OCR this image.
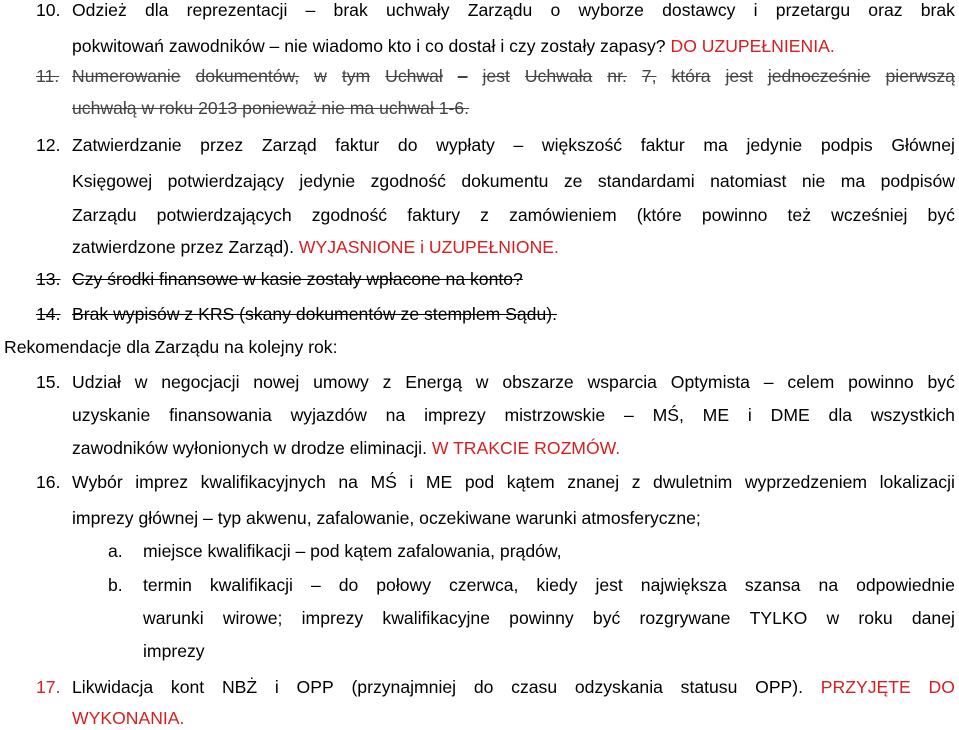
10. Odzież dla reprezentacji – brak uchwały Zarządu o wyborze dostawcy i przetargu oraz brak
pokwitowań zawodników – nie wiadomo kto i co dostał i czy zostały zapasy? DO UZUPEŁNIENIA.
11. Numerowanie dokumentów, w tym Uchwał – jest Uchwała nr. 7, która jest jednocześnie pierwszą
uchwałą w roku 2013 ponieważ nie ma uchwał 1-6.
12. Zatwierdzanie przez Zarząd faktur do wypłaty – większość faktur ma jedynie podpis Głównej
Księgowej potwierdzający jedynie zgodność dokumentu ze standardami natomiast nie ma podpisów
Zarządu potwierdzających zgodność faktury z zamówieniem (które powinno też wcześniej być
zatwierdzone przez Zarząd). WYJASNIONE i UZUPEŁNIONE.
13. Czy środki finansowe w kasie zostały wpłacone na konto?
14. Brak wypisów z KRS (skany dokumentów ze stemplem Sądu).
Rekomendacje dla Zarządu na kolejny rok:
15. Udział w negocjacji nowej umowy z Energą w obszarze wsparcia Optymista – celem powinno być
uzyskanie finansowania wyjazdów na imprezy mistrzowskie – MŚ, ME i DME dla wszystkich
zawodników wyłonionych w drodze eliminacji. W TRAKCIE ROZMÓW.
16. Wybór imprez kwalifikacyjnych na MŚ i ME pod kątem znanej z dwuletnim wyprzedzeniem lokalizacji
imprezy głównej – typ akwenu, zafalowanie, oczekiwane warunki atmosferyczne;
a. miejsce kwalifikacji – pod kątem zafalowania, prądów,
b. termin kwalifikacji – do połowy czerwca, kiedy jest największa szansa na odpowiednie
warunki wirowe; imprezy kwalifikacyjne powinny być rozgrywane TYLKO w roku danej
imprezy
17. Likwidacja kont NBŻ i OPP (przynajmniej do czasu odzyskania statusu OPP). PRZYJĘTE DO
WYKONANIA.
